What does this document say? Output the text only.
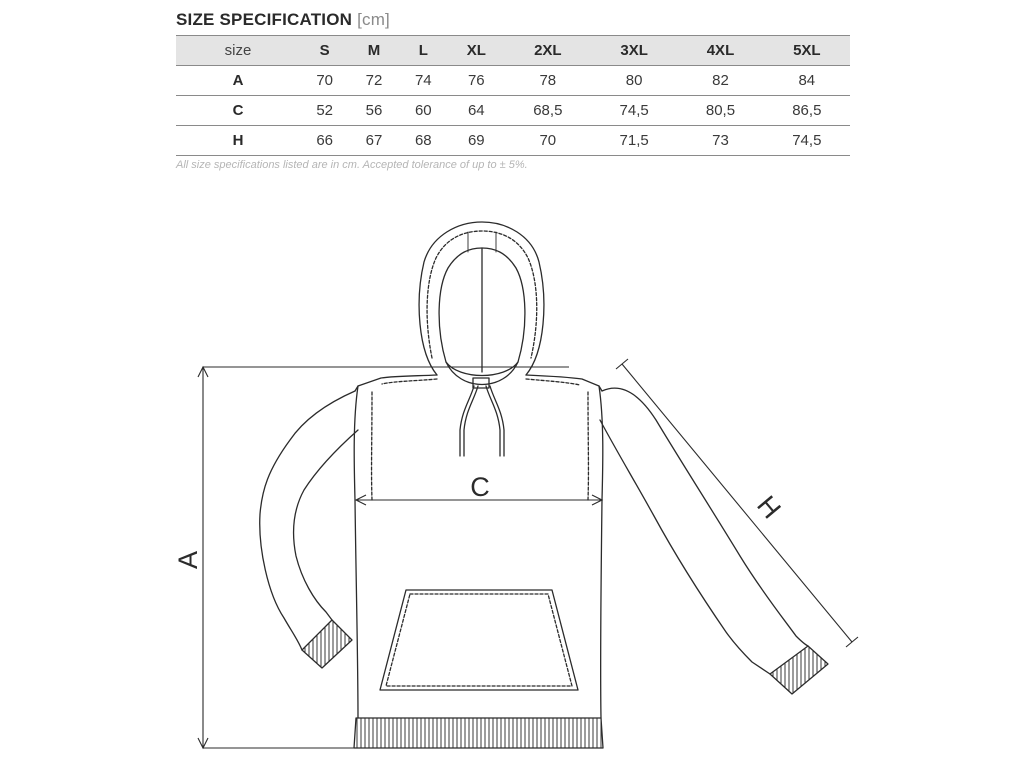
SIZE SPECIFICATION [cm]
size	S	M	L	XL	2XL	3XL	4XL	5XL
A	70	72	74	76	78	80	82	84
C	52	56	60	64	68,5	74,5	80,5	86,5
H	66	67	68	69	70	71,5	73	74,5
All size specifications listed are in cm. Accepted tolerance of up to ± 5%.
A
C
H
